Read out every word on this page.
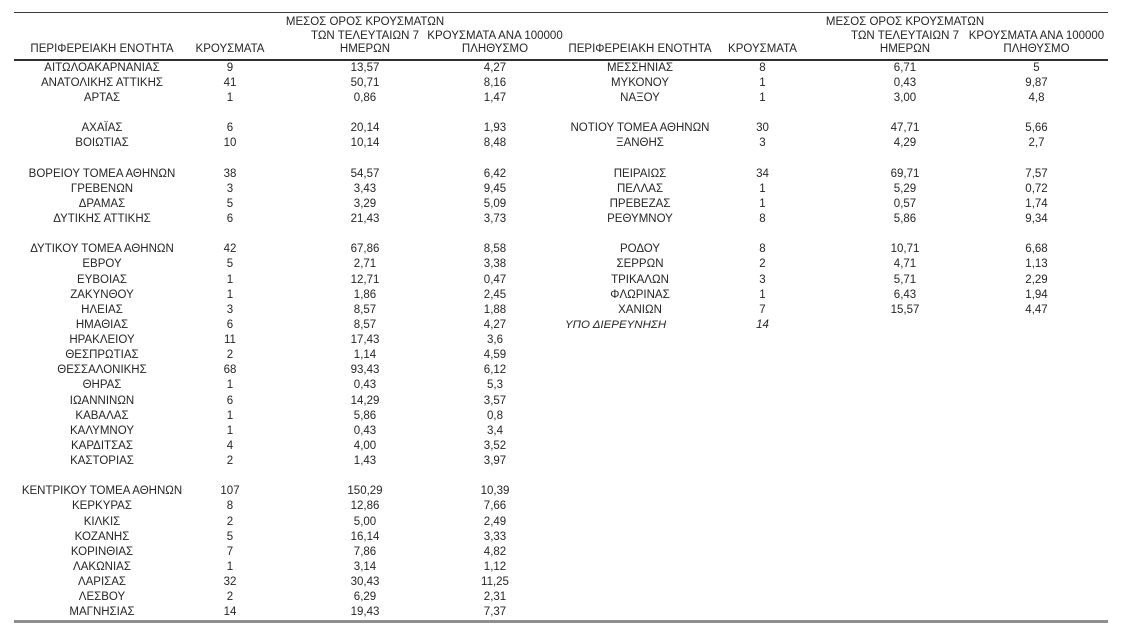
ΠΕΡΙΦΕΡΕΙΑΚΗ ΕΝΟΤΗΤΑ ΚΡΟΥΣΜΑΤΑ
ΜΕΣΟΣ ΟΡΟΣ ΚΡΟΥΣΜΑΤΩΝ
ΤΩΝ ΤΕΛΕΥΤΑΙΩΝ 7
ΗΜΕΡΩΝ
ΚΡΟΥΣΜΑΤΑ ΑΝΑ 100000
ΠΛΗΘΥΣΜΟ	ΠΕΡΙΦΕΡΕΙΑΚΗ ΕΝΟΤΗΤΑ ΚΡΟΥΣΜΑΤΑ
ΜΕΣΟΣ ΟΡΟΣ ΚΡΟΥΣΜΑΤΩΝ
ΤΩΝ ΤΕΛΕΥΤΑΙΩΝ 7
ΗΜΕΡΩΝ
ΚΡΟΥΣΜΑΤΑ ΑΝΑ 100000
ΠΛΗΘΥΣΜΟ
ΑΙΤΩΛΟΑΚΑΡΝΑΝΙΑΣ	9	13,57	4,27	ΜΕΣΣΗΝΙΑΣ	8	6,71	5
ΑΝΑΤΟΛΙΚΗΣ ΑΤΤΙΚΗΣ	41	50,71	8,16	ΜΥΚΟΝΟΥ	1	0,43	9,87
ΑΡΤΑΣ	1	0,86	1,47	ΝΑΞΟΥ	1	3,00	4,8
ΑΧΑΪΑΣ	6	20,14	1,93	ΝΟΤΙΟΥ ΤΟΜΕΑ ΑΘΗΝΩΝ	30	47,71	5,66
ΒΟΙΩΤΙΑΣ	10	10,14	8,48	ΞΑΝΘΗΣ	3	4,29	2,7
ΒΟΡΕΙΟΥ ΤΟΜΕΑ ΑΘΗΝΩΝ	38	54,57	6,42	ΠΕΙΡΑΙΩΣ	34	69,71	7,57
ΓΡΕΒΕΝΩΝ	3	3,43	9,45	ΠΕΛΛΑΣ	1	5,29	0,72
ΔΡΑΜΑΣ	5	3,29	5,09	ΠΡΕΒΕΖΑΣ	1	0,57	1,74
ΔΥΤΙΚΗΣ ΑΤΤΙΚΗΣ	6	21,43	3,73	ΡΕΘΥΜΝΟΥ	8	5,86	9,34
ΔΥΤΙΚΟΥ ΤΟΜΕΑ ΑΘΗΝΩΝ	42	67,86	8,58	ΡΟΔΟΥ	8	10,71	6,68
ΕΒΡΟΥ	5	2,71	3,38	ΣΕΡΡΩΝ	2	4,71	1,13
ΕΥΒΟΙΑΣ	1	12,71	0,47	ΤΡΙΚΑΛΩΝ	3	5,71	2,29
ΖΑΚΥΝΘΟΥ	1	1,86	2,45	ΦΛΩΡΙΝΑΣ	1	6,43	1,94
ΗΛΕΙΑΣ	3	8,57	1,88	ΧΑΝΙΩΝ	7	15,57	4,47
ΗΜΑΘΙΑΣ	6	8,57	4,27	ΥΠΟ ΔΙΕΡΕΥΝΗΣΗ	14
ΗΡΑΚΛΕΙΟΥ	11	17,43	3,6
ΘΕΣΠΡΩΤΙΑΣ	2	1,14	4,59
ΘΕΣΣΑΛΟΝΙΚΗΣ	68	93,43	6,12
ΘΗΡΑΣ	1	0,43	5,3
ΙΩΑΝΝΙΝΩΝ	6	14,29	3,57
ΚΑΒΑΛΑΣ	1	5,86	0,8
ΚΑΛΥΜΝΟΥ	1	0,43	3,4
ΚΑΡΔΙΤΣΑΣ	4	4,00	3,52
ΚΑΣΤΟΡΙΑΣ	2	1,43	3,97
ΚΕΝΤΡΙΚΟΥ ΤΟΜΕΑ ΑΘΗΝΩΝ	107	150,29	10,39
ΚΕΡΚΥΡΑΣ	8	12,86	7,66
ΚΙΛΚΙΣ	2	5,00	2,49
ΚΟΖΑΝΗΣ	5	16,14	3,33
ΚΟΡΙΝΘΙΑΣ	7	7,86	4,82
ΛΑΚΩΝΙΑΣ	1	3,14	1,12
ΛΑΡΙΣΑΣ	32	30,43	11,25
ΛΕΣΒΟΥ	2	6,29	2,31
ΜΑΓΝΗΣΙΑΣ	14	19,43	7,37
